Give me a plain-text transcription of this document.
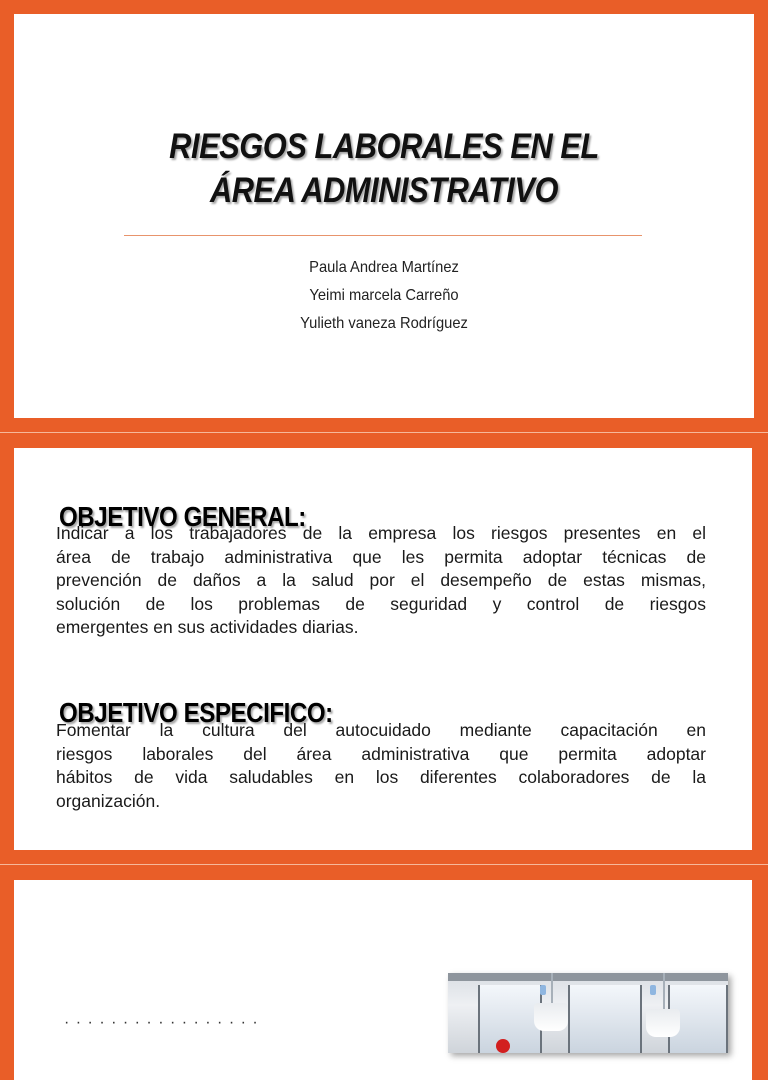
RIESGOS LABORALES EN EL
ÁREA ADMINISTRATIVO
Paula Andrea Martínez
Yeimi marcela Carreño
Yulieth vaneza Rodríguez
OBJETIVO GENERAL:
Indicar a los trabajadores de la empresa los riesgos presentes en el
área de trabajo administrativa que les permita adoptar técnicas de
prevención de daños a la salud por el desempeño de estas mismas,
solución de los problemas de seguridad y control de riesgos
emergentes en sus actividades diarias.
OBJETIVO ESPECIFICO:
Fomentar la cultura del autocuidado mediante capacitación en
riesgos laborales del área administrativa que permita adoptar
hábitos de vida saludables en los diferentes colaboradores de la
organización.
· · · · · · · · · · · · · · · · ·
